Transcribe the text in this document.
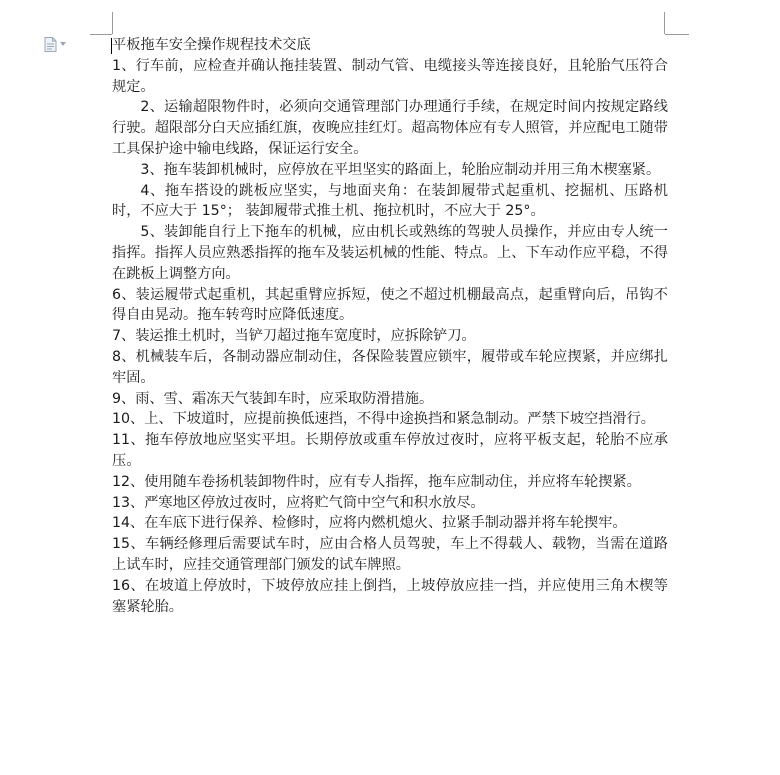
平板拖车安全操作规程技术交底

1、行车前，应检查并确认拖挂装置、制动气管、电缆接头等连接良好，且轮胎气压符合规定。

2、运输超限物件时，必须向交通管理部门办理通行手续，在规定时间内按规定路线行驶。超限部分白天应插红旗，夜晚应挂红灯。超高物体应有专人照管，并应配电工随带工具保护途中输电线路，保证运行安全。

3、拖车装卸机械时，应停放在平坦坚实的路面上，轮胎应制动并用三角木楔塞紧。

4、拖车搭设的跳板应坚实，与地面夹角：在装卸履带式起重机、挖掘机、压路机时，不应大于 15°； 装卸履带式推土机、拖拉机时，不应大于 25°。

5、装卸能自行上下拖车的机械，应由机长或熟练的驾驶人员操作，并应由专人统一指挥。指挥人员应熟悉指挥的拖车及装运机械的性能、特点。上、下车动作应平稳，不得在跳板上调整方向。

6、装运履带式起重机，其起重臂应拆短，使之不超过机棚最高点，起重臂向后，吊钩不得自由晃动。拖车转弯时应降低速度。

7、装运推土机时，当铲刀超过拖车宽度时，应拆除铲刀。

8、机械装车后，各制动器应制动住，各保险装置应锁牢，履带或车轮应揳紧，并应绑扎牢固。

9、雨、雪、霜冻天气装卸车时，应采取防滑措施。

10、上、下坡道时，应提前换低速挡，不得中途换挡和紧急制动。严禁下坡空挡滑行。

11、拖车停放地应坚实平坦。长期停放或重车停放过夜时，应将平板支起，轮胎不应承压。

12、使用随车卷扬机装卸物件时，应有专人指挥，拖车应制动住，并应将车轮揳紧。

13、严寒地区停放过夜时，应将贮气筒中空气和积水放尽。

14、在车底下进行保养、检修时，应将内燃机熄火、拉紧手制动器并将车轮揳牢。

15、车辆经修理后需要试车时，应由合格人员驾驶，车上不得载人、载物，当需在道路上试车时，应挂交通管理部门颁发的试车牌照。

16、在坡道上停放时，下坡停放应挂上倒挡，上坡停放应挂一挡，并应使用三角木楔等塞紧轮胎。
